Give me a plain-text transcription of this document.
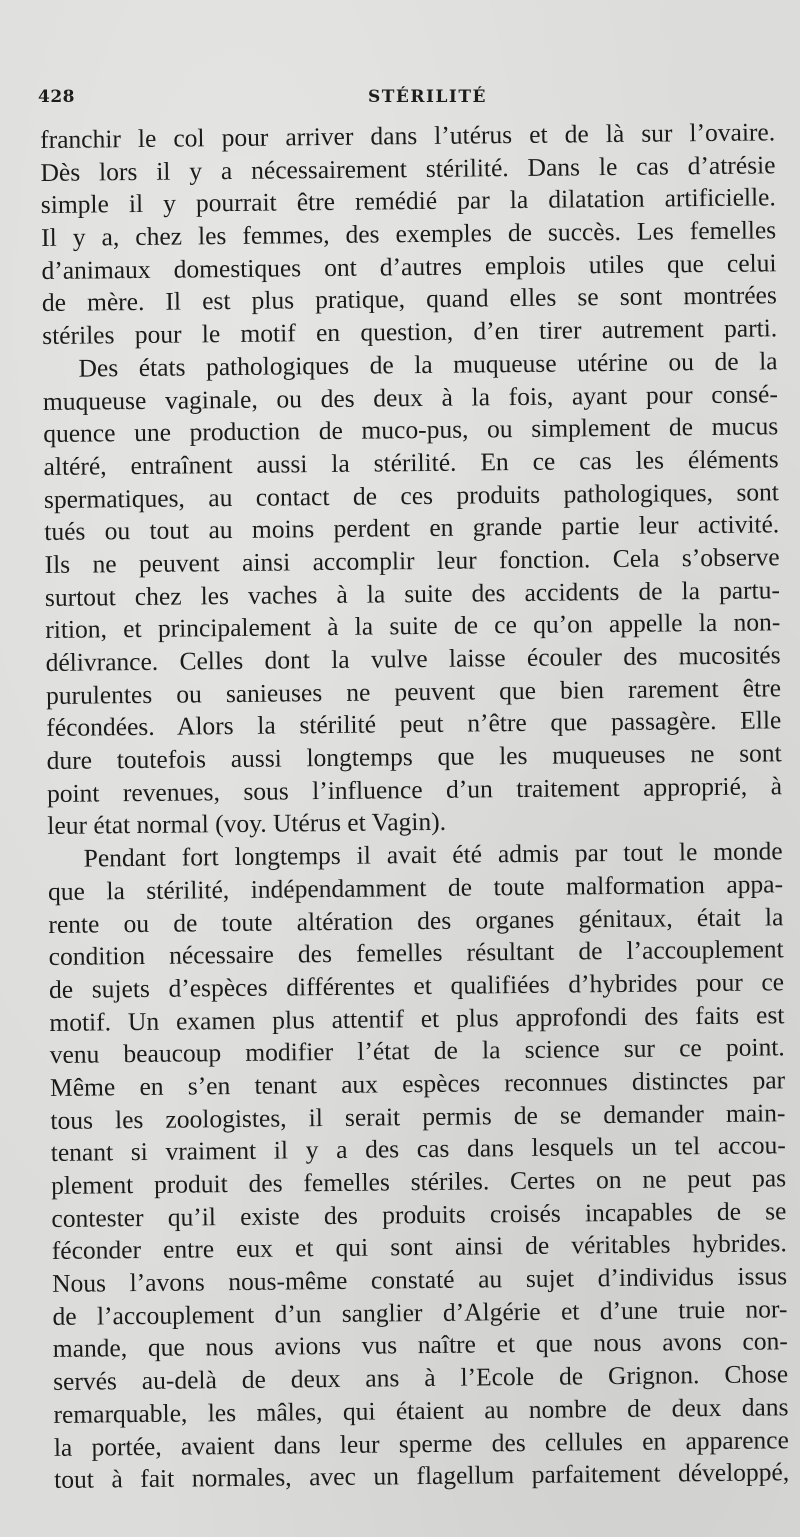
428	STÉRILITÉ
franchir le col pour arriver dans l’utérus et de là sur l’ovaire.
Dès lors il y a nécessairement stérilité. Dans le cas d’atrésie
simple il y pourrait être remédié par la dilatation artificielle.
Il y a, chez les femmes, des exemples de succès. Les femelles
d’animaux domestiques ont d’autres emplois utiles que celui
de mère. Il est plus pratique, quand elles se sont montrées
stériles pour le motif en question, d’en tirer autrement parti.
Des états pathologiques de la muqueuse utérine ou de la
muqueuse vaginale, ou des deux à la fois, ayant pour consé-
quence une production de muco-pus, ou simplement de mucus
altéré, entraînent aussi la stérilité. En ce cas les éléments
spermatiques, au contact de ces produits pathologiques, sont
tués ou tout au moins perdent en grande partie leur activité.
Ils ne peuvent ainsi accomplir leur fonction. Cela s’observe
surtout chez les vaches à la suite des accidents de la partu-
rition, et principalement à la suite de ce qu’on appelle la non-
délivrance. Celles dont la vulve laisse écouler des mucosités
purulentes ou sanieuses ne peuvent que bien rarement être
fécondées. Alors la stérilité peut n’être que passagère. Elle
dure toutefois aussi longtemps que les muqueuses ne sont
point revenues, sous l’influence d’un traitement approprié, à
leur état normal (voy. Utérus et Vagin).
Pendant fort longtemps il avait été admis par tout le monde
que la stérilité, indépendamment de toute malformation appa-
rente ou de toute altération des organes génitaux, était la
condition nécessaire des femelles résultant de l’accouplement
de sujets d’espèces différentes et qualifiées d’hybrides pour ce
motif. Un examen plus attentif et plus approfondi des faits est
venu beaucoup modifier l’état de la science sur ce point.
Même en s’en tenant aux espèces reconnues distinctes par
tous les zoologistes, il serait permis de se demander main-
tenant si vraiment il y a des cas dans lesquels un tel accou-
plement produit des femelles stériles. Certes on ne peut pas
contester qu’il existe des produits croisés incapables de se
féconder entre eux et qui sont ainsi de véritables hybrides.
Nous l’avons nous-même constaté au sujet d’individus issus
de l’accouplement d’un sanglier d’Algérie et d’une truie nor-
mande, que nous avions vus naître et que nous avons con-
servés au-delà de deux ans à l’Ecole de Grignon. Chose
remarquable, les mâles, qui étaient au nombre de deux dans
la portée, avaient dans leur sperme des cellules en apparence
tout à fait normales, avec un flagellum parfaitement développé,
